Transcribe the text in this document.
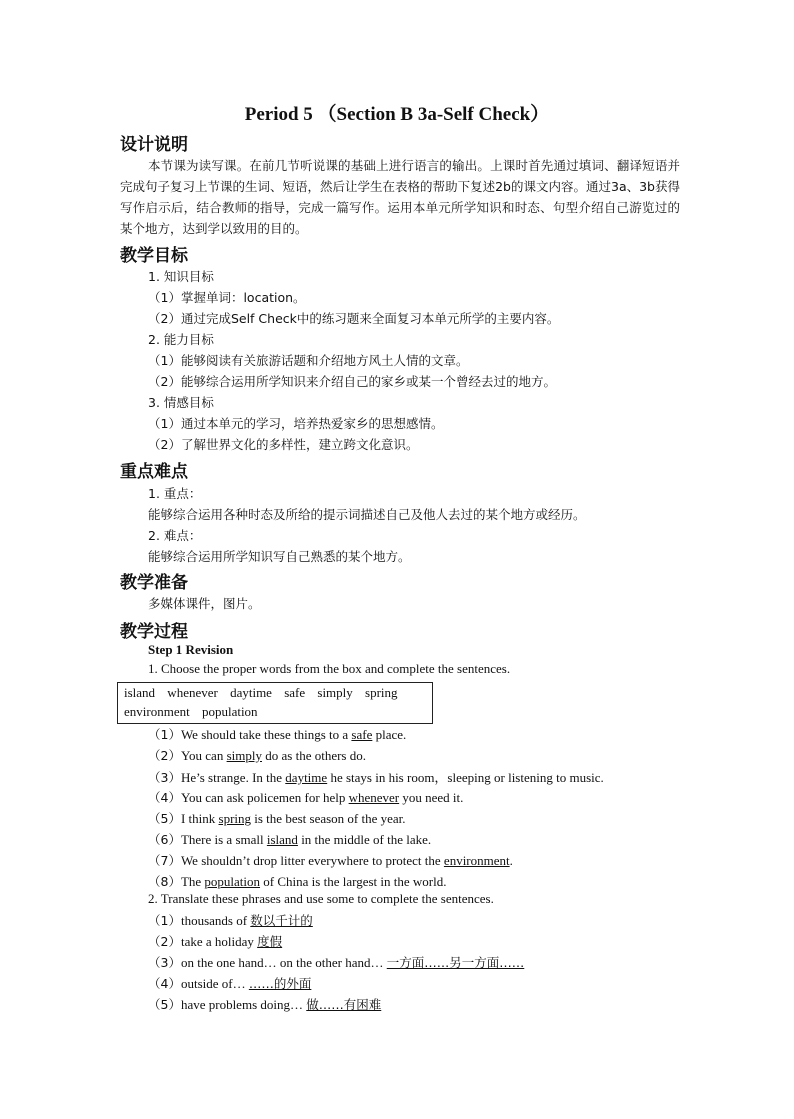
Period 5 （Section B 3a-Self Check）
设计说明
本节课为读写课。在前几节听说课的基础上进行语言的输出。上课时首先通过填词、翻译短语并完成句子复习上节课的生词、短语，然后让学生在表格的帮助下复述2b的课文内容。通过3a、3b获得写作启示后，结合教师的指导，完成一篇写作。运用本单元所学知识和时态、句型介绍自己游览过的某个地方，达到学以致用的目的。
教学目标
1. 知识目标
（1）掌握单词：location。
（2）通过完成Self Check中的练习题来全面复习本单元所学的主要内容。
2. 能力目标
（1）能够阅读有关旅游话题和介绍地方风土人情的文章。
（2）能够综合运用所学知识来介绍自己的家乡或某一个曾经去过的地方。
3. 情感目标
（1）通过本单元的学习，培养热爱家乡的思想感情。
（2）了解世界文化的多样性，建立跨文化意识。
重点难点
1. 重点：
能够综合运用各种时态及所给的提示词描述自己及他人去过的某个地方或经历。
2. 难点：
能够综合运用所学知识写自己熟悉的某个地方。
教学准备
多媒体课件，图片。
教学过程
Step 1 Revision
1. Choose the proper words from the box and complete the sentences.
island whenever daytime safe simply spring
environment population
（1）We should take these things to a safe place.
（2）You can simply do as the others do.
（3）He’s strange. In the daytime he stays in his room，sleeping or listening to music.
（4）You can ask policemen for help whenever you need it.
（5）I think spring is the best season of the year.
（6）There is a small island in the middle of the lake.
（7）We shouldn’t drop litter everywhere to protect the environment.
（8）The population of China is the largest in the world.
2. Translate these phrases and use some to complete the sentences.
（1）thousands of 数以千计的
（2）take a holiday 度假
（3）on the one hand… on the other hand… 一方面……另一方面……
（4）outside of… ……的外面
（5）have problems doing… 做……有困难
